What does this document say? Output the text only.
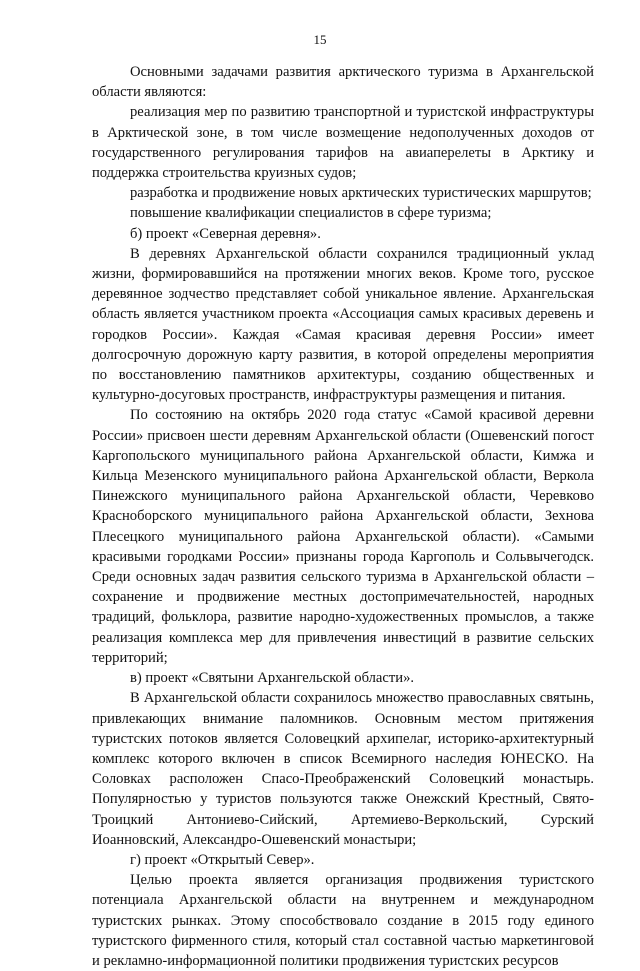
15

Основными задачами развития арктического туризма в Архангельской области являются:

реализация мер по развитию транспортной и туристской инфраструктуры в Арктической зоне, в том числе возмещение недополученных доходов от государственного регулирования тарифов на авиаперелеты в Арктику и поддержка строительства круизных судов;

разработка и продвижение новых арктических туристических маршрутов;

повышение квалификации специалистов в сфере туризма;

б) проект «Северная деревня».

В деревнях Архангельской области сохранился традиционный уклад жизни, формировавшийся на протяжении многих веков. Кроме того, русское деревянное зодчество представляет собой уникальное явление. Архангельская область является участником проекта «Ассоциация самых красивых деревень и городков России». Каждая «Самая красивая деревня России» имеет долгосрочную дорожную карту развития, в которой определены мероприятия по восстановлению памятников архитектуры, созданию общественных и культурно-досуговых пространств, инфраструктуры размещения и питания.

По состоянию на октябрь 2020 года статус «Самой красивой деревни России» присвоен шести деревням Архангельской области (Ошевенский погост Каргопольского муниципального района Архангельской области, Кимжа и Кильца Мезенского муниципального района Архангельской области, Веркола Пинежского муниципального района Архангельской области, Черевково Красноборского муниципального района Архангельской области, Зехнова Плесецкого муниципального района Архангельской области). «Самыми красивыми городками России» признаны города Каргополь и Сольвычегодск. Среди основных задач развития сельского туризма в Архангельской области – сохранение и продвижение местных достопримечательностей, народных традиций, фольклора, развитие народно-художественных промыслов, а также реализация комплекса мер для привлечения инвестиций в развитие сельских территорий;

в) проект «Святыни Архангельской области».

В Архангельской области сохранилось множество православных святынь, привлекающих внимание паломников. Основным местом притяжения туристских потоков является Соловецкий архипелаг, историко-архитектурный комплекс которого включен в список Всемирного наследия ЮНЕСКО. На Соловках расположен Спасо-Преображенский Соловецкий монастырь. Популярностью у туристов пользуются также Онежский Крестный, Свято-Троицкий Антониево-Сийский, Артемиево-Веркольский, Сурский Иоанновский, Александро-Ошевенский монастыри;

г) проект «Открытый Север».

Целью проекта является организация продвижения туристского потенциала Архангельской области на внутреннем и международном туристских рынках. Этому способствовало создание в 2015 году единого туристского фирменного стиля, который стал составной частью маркетинговой и рекламно-информационной политики продвижения туристских ресурсов
